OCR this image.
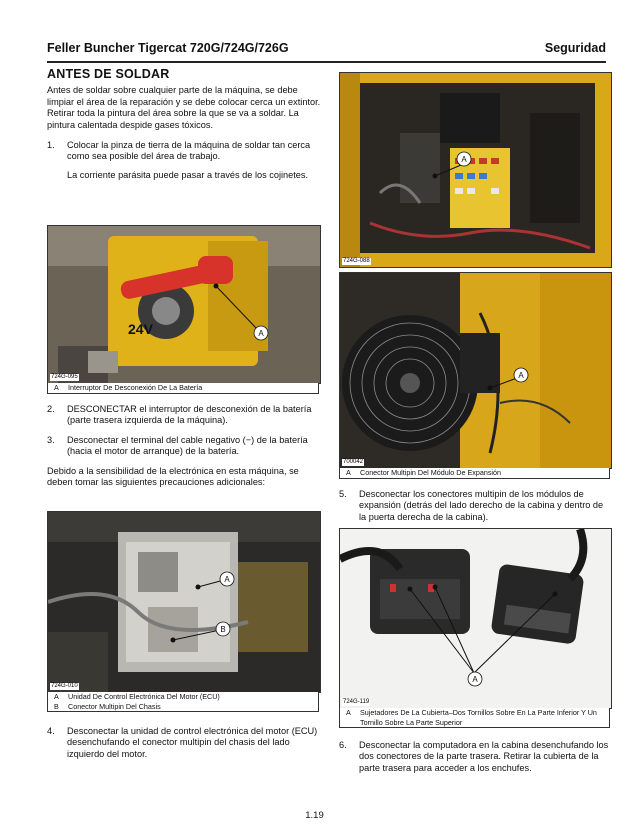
Feller Buncher Tigercat 720G/724G/726G	Seguridad
ANTES DE SOLDAR

Antes de soldar sobre cualquier parte de la máquina, se debe limpiar el área de la reparación y se debe colocar cerca un extintor. Retirar toda la pintura del área sobre la que se va a soldar. La pintura calentada despide gases tóxicos.

1.	Colocar la pinza de tierra de la máquina de soldar tan cerca como sea posible del área de trabajo.

La corriente parásita puede pasar a través de los cojinetes.

A
24V
724G-095
A Interruptor De Desconexión De La Batería
2.	DESCONECTAR el interruptor de desconexión de la batería (parte trasera izquierda de la máquina).
3.	Desconectar el terminal del cable negativo (−) de la batería (hacia el motor de arranque) de la batería.

Debido a la sensibilidad de la electrónica en esta máquina, se deben tomar las siguientes precauciones adicionales:

A
B
724G-010
A Unidad De Control Electrónica Del Motor (ECU)
B Conector Multipin Del Chasis
4.	Desconectar la unidad de control electrónica del motor (ECU) desenchufando el conector multipin del chasis del lado izquierdo del motor.
A
724G-088
A
700042
A Conector Multipin Del Módulo De Expansión
5.	Desconectar los conectores multipin de los módulos de expansión (detrás del lado derecho de la cabina y dentro de la puerta derecha de la cabina).
A
724G-119
A	Sujetadores De La Cubierta–Dos Tornillos Sobre En La Parte Inferior Y Un Tornillo Sobre La Parte Superior
6.	Desconectar la computadora en la cabina desenchufando los dos conectores de la parte trasera. Retirar la cubierta de la parte trasera para acceder a los enchufes.
1.19
